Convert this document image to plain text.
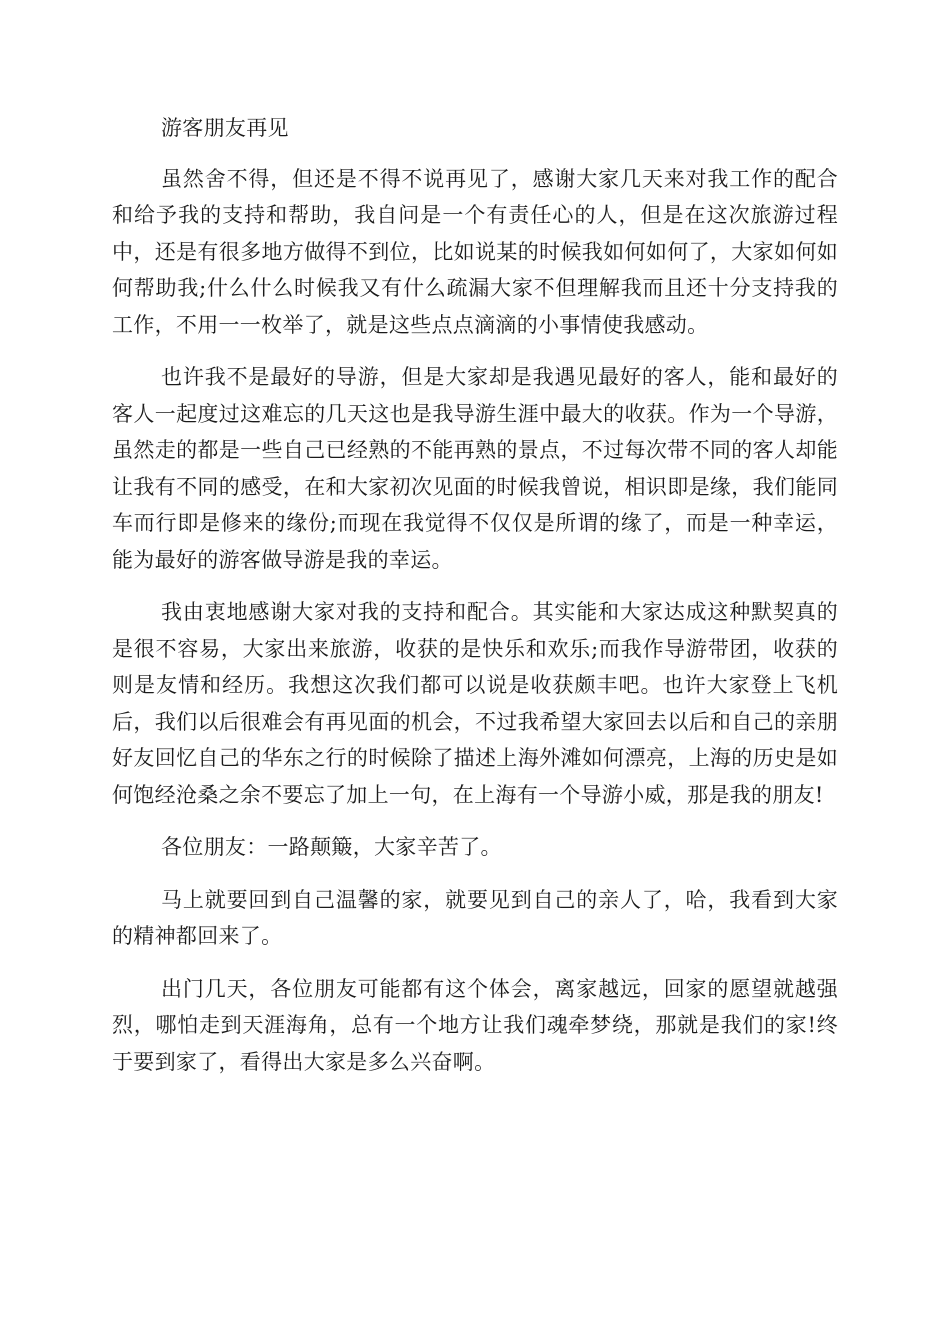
游客朋友再见

虽然舍不得，但还是不得不说再见了，感谢大家几天来对我工作的配合和给予我的支持和帮助，我自问是一个有责任心的人，但是在这次旅游过程中，还是有很多地方做得不到位，比如说某的时候我如何如何了，大家如何如何帮助我;什么什么时候我又有什么疏漏大家不但理解我而且还十分支持我的工作，不用一一枚举了，就是这些点点滴滴的小事情使我感动。

也许我不是最好的导游，但是大家却是我遇见最好的客人，能和最好的客人一起度过这难忘的几天这也是我导游生涯中最大的收获。作为一个导游，虽然走的都是一些自己已经熟的不能再熟的景点，不过每次带不同的客人却能让我有不同的感受，在和大家初次见面的时候我曾说，相识即是缘，我们能同车而行即是修来的缘份;而现在我觉得不仅仅是所谓的缘了，而是一种幸运，能为最好的游客做导游是我的幸运。

我由衷地感谢大家对我的支持和配合。其实能和大家达成这种默契真的是很不容易，大家出来旅游，收获的是快乐和欢乐;而我作导游带团，收获的则是友情和经历。我想这次我们都可以说是收获颇丰吧。也许大家登上飞机后，我们以后很难会有再见面的机会，不过我希望大家回去以后和自己的亲朋好友回忆自己的华东之行的时候除了描述上海外滩如何漂亮，上海的历史是如何饱经沧桑之余不要忘了加上一句，在上海有一个导游小威，那是我的朋友!

各位朋友：一路颠簸，大家辛苦了。

马上就要回到自己温馨的家，就要见到自己的亲人了，哈，我看到大家的精神都回来了。

出门几天，各位朋友可能都有这个体会，离家越远，回家的愿望就越强烈，哪怕走到天涯海角，总有一个地方让我们魂牵梦绕，那就是我们的家!终于要到家了，看得出大家是多么兴奋啊。
